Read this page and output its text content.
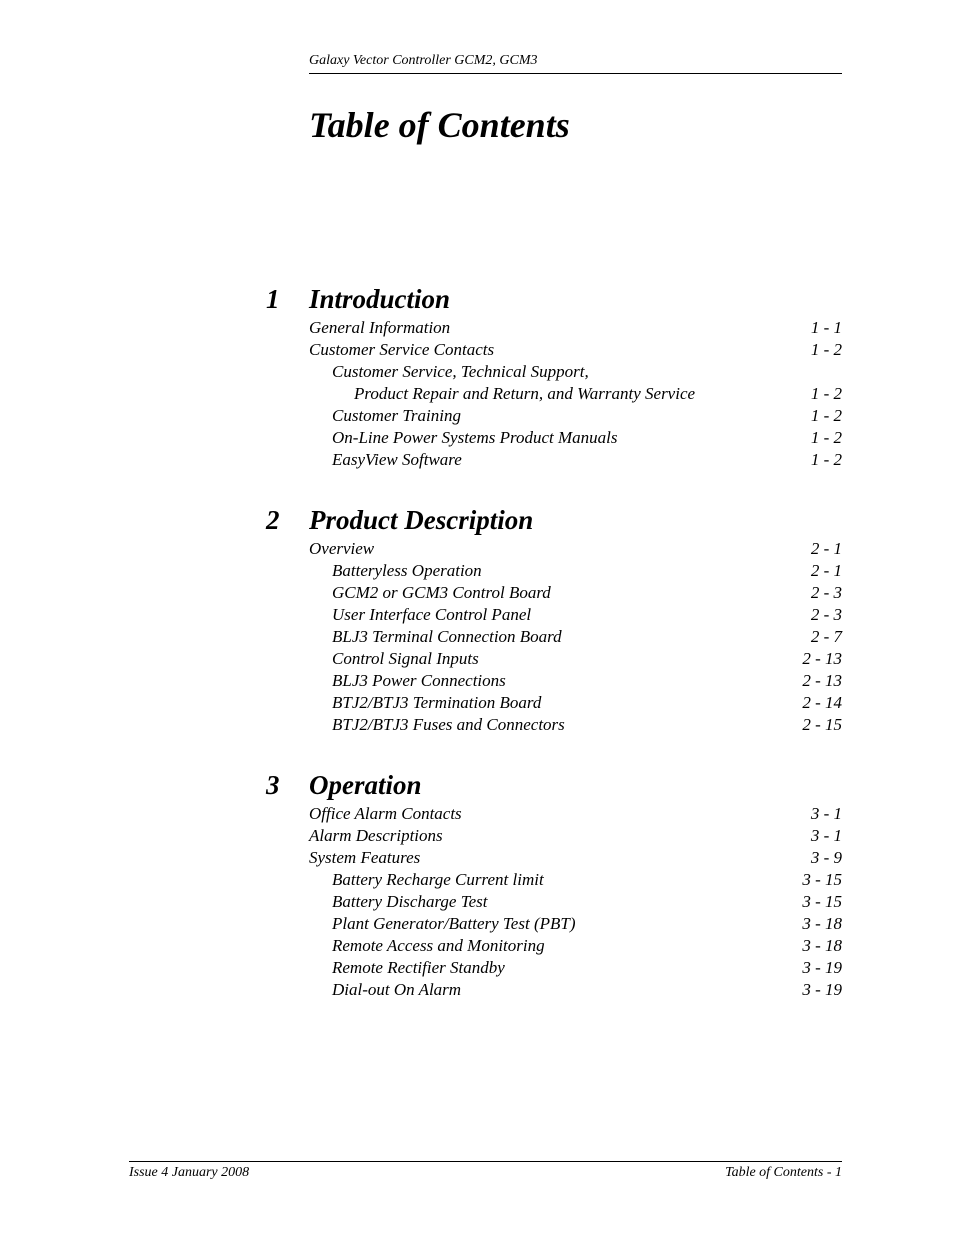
Galaxy Vector Controller GCM2, GCM3
Table of Contents
1 Introduction
General Information	1 - 1
Customer Service Contacts	1 - 2
Customer Service, Technical Support,
Product Repair and Return, and Warranty Service	1 - 2
Customer Training	1 - 2
On-Line Power Systems Product Manuals	1 - 2
EasyView Software	1 - 2
2 Product Description
Overview	2 - 1
Batteryless Operation	2 - 1
GCM2 or GCM3 Control Board	2 - 3
User Interface Control Panel	2 - 3
BLJ3 Terminal Connection Board	2 - 7
Control Signal Inputs	2 - 13
BLJ3 Power Connections	2 - 13
BTJ2/BTJ3 Termination Board	2 - 14
BTJ2/BTJ3 Fuses and Connectors	2 - 15
3 Operation
Office Alarm Contacts	3 - 1
Alarm Descriptions	3 - 1
System Features	3 - 9
Battery Recharge Current limit	3 - 15
Battery Discharge Test	3 - 15
Plant Generator/Battery Test (PBT)	3 - 18
Remote Access and Monitoring	3 - 18
Remote Rectifier Standby	3 - 19
Dial-out On Alarm	3 - 19
Issue 4 January 2008	Table of Contents - 1
